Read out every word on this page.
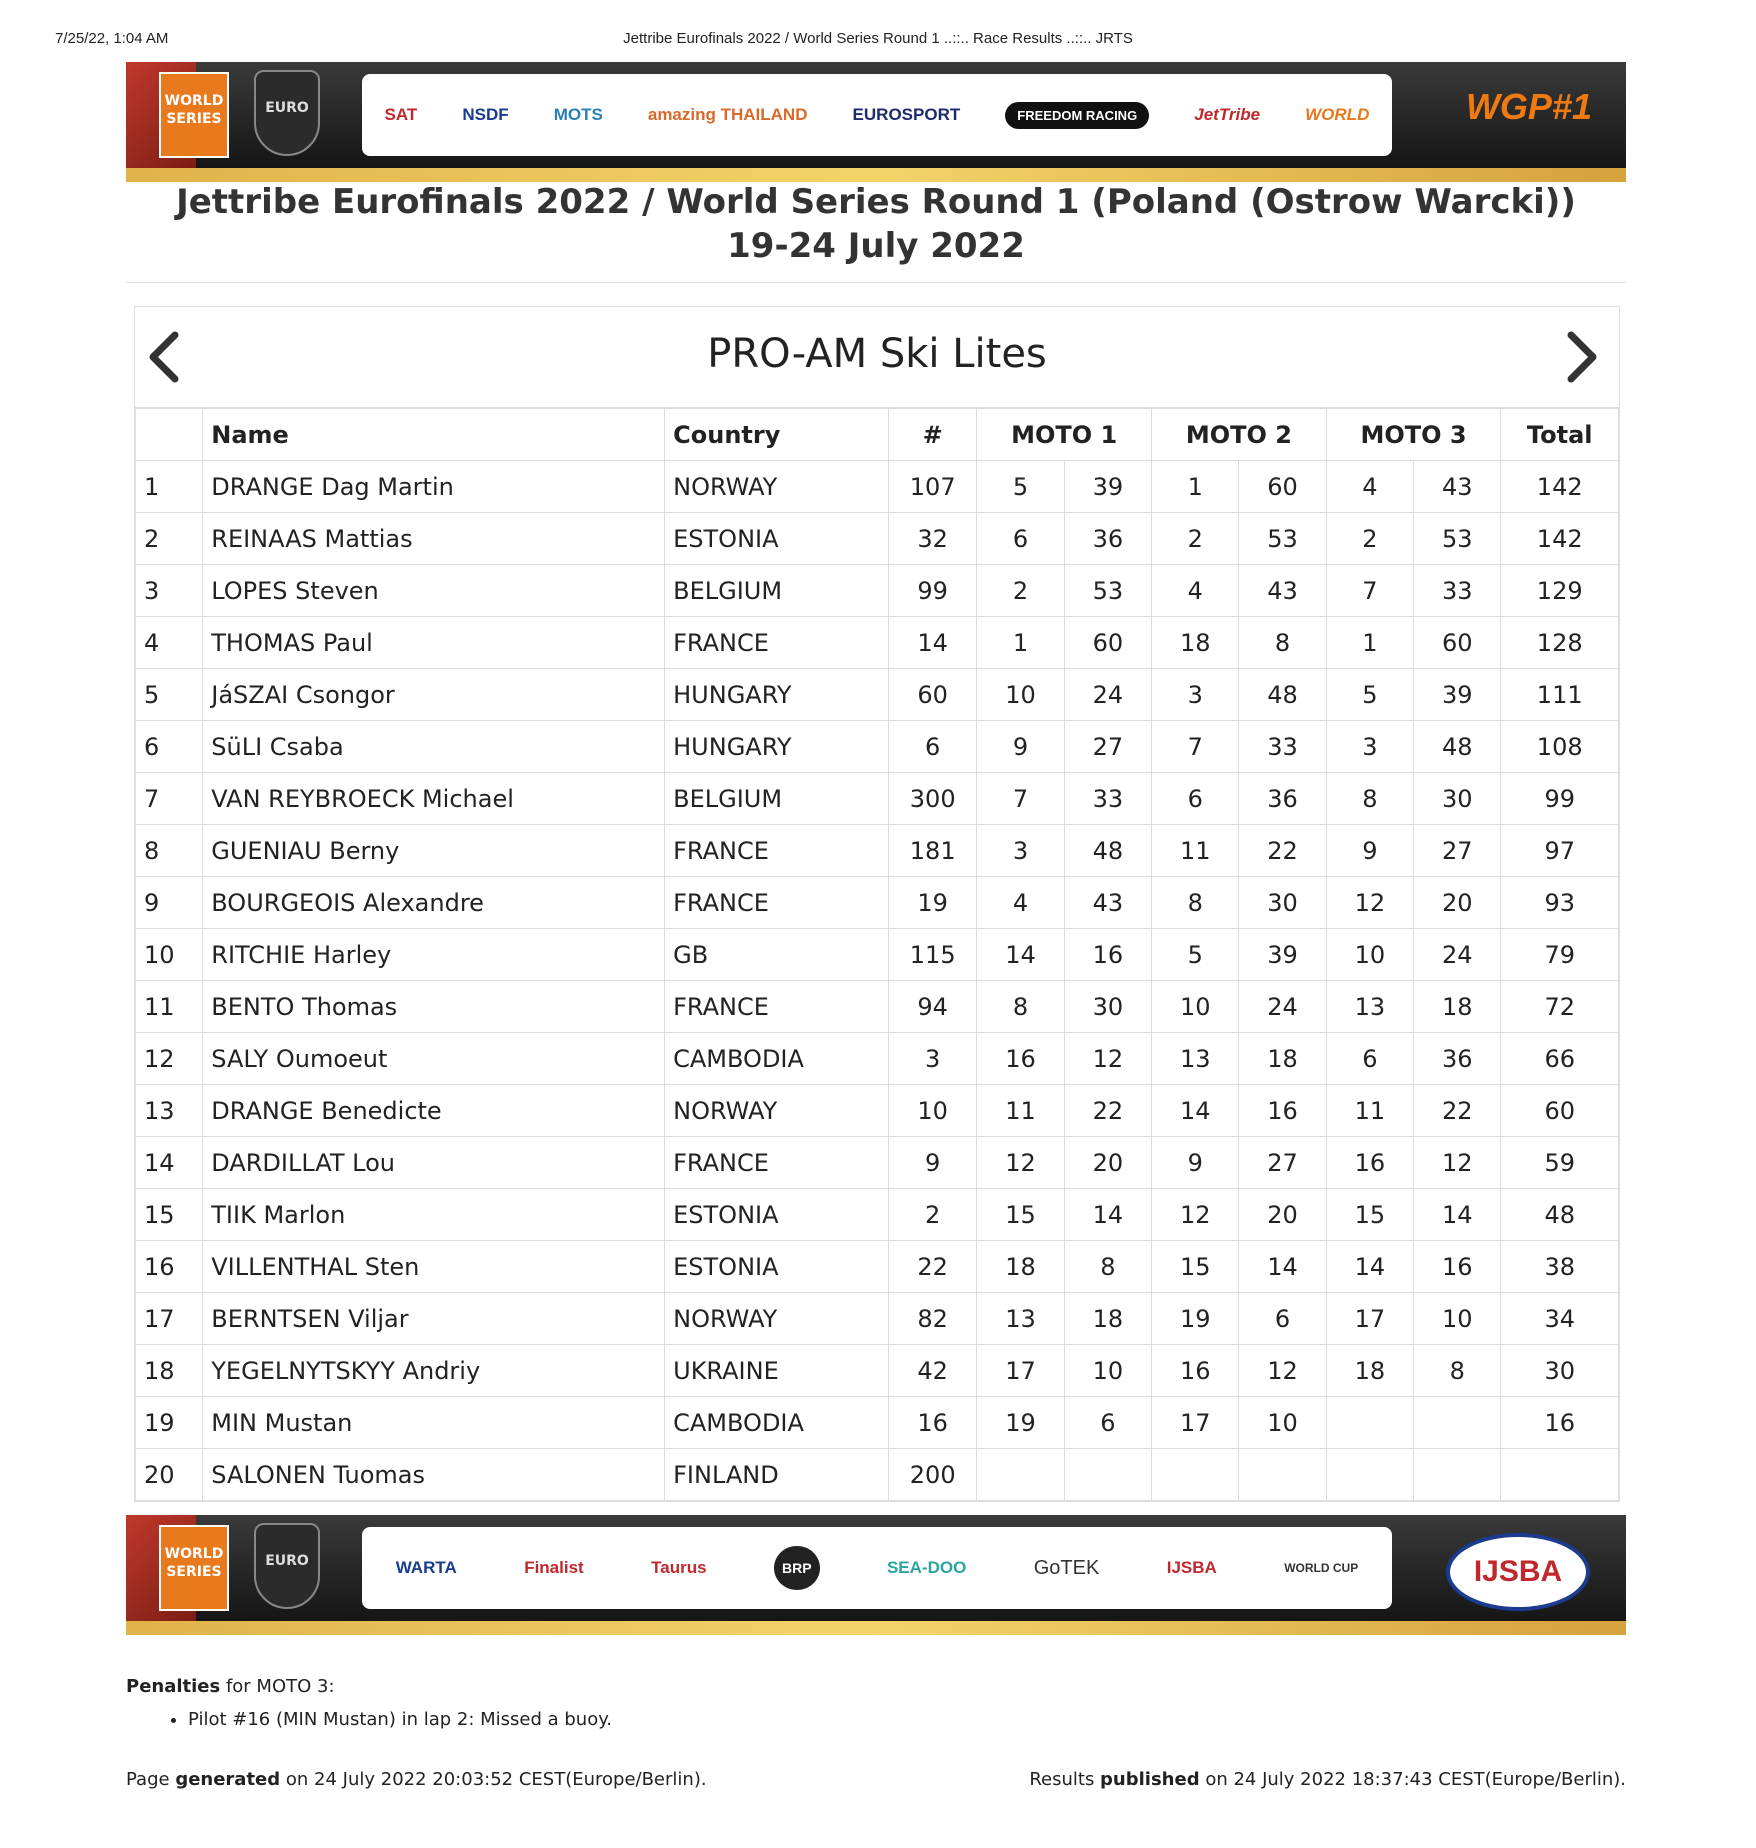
7/25/22, 1:04 AM	Jettribe Eurofinals 2022 / World Series Round 1 ..::.. Race Results ..::.. JRTS
WORLD SERIES
EURO	SAT	NSDF	MOTS	amazing THAILAND	EUROSPORT	FREEDOM RACING	JetTribe	WORLD	WGP#1
Jettribe Eurofinals 2022 / World Series Round 1 (Poland (Ostrow Warcki))
19-24 July 2022
PRO-AM Ski Lites
	Name	Country	#	MOTO 1		MOTO 2		MOTO 3		Total
1	DRANGE Dag Martin	NORWAY	107	5	39	1	60	4	43	142
2	REINAAS Mattias	ESTONIA	32	6	36	2	53	2	53	142
3	LOPES Steven	BELGIUM	99	2	53	4	43	7	33	129
4	THOMAS Paul	FRANCE	14	1	60	18	8	1	60	128
5	JáSZAI Csongor	HUNGARY	60	10	24	3	48	5	39	111
6	SüLI Csaba	HUNGARY	6	9	27	7	33	3	48	108
7	VAN REYBROECK Michael	BELGIUM	300	7	33	6	36	8	30	99
8	GUENIAU Berny	FRANCE	181	3	48	11	22	9	27	97
9	BOURGEOIS Alexandre	FRANCE	19	4	43	8	30	12	20	93
10	RITCHIE Harley	GB	115	14	16	5	39	10	24	79
11	BENTO Thomas	FRANCE	94	8	30	10	24	13	18	72
12	SALY Oumoeut	CAMBODIA	3	16	12	13	18	6	36	66
13	DRANGE Benedicte	NORWAY	10	11	22	14	16	11	22	60
14	DARDILLAT Lou	FRANCE	9	12	20	9	27	16	12	59
15	TIIK Marlon	ESTONIA	2	15	14	12	20	15	14	48
16	VILLENTHAL Sten	ESTONIA	22	18	8	15	14	14	16	38
17	BERNTSEN Viljar	NORWAY	82	13	18	19	6	17	10	34
18	YEGELNYTSKYY Andriy	UKRAINE	42	17	10	16	12	18	8	30
19	MIN Mustan	CAMBODIA	16	19	6	17	10			16
20	SALONEN Tuomas	FINLAND	200							
WORLD SERIES
EURO	WARTA	Finalist	Taurus	BRP	SEA-DOO	GoTEK	IJSBA	WORLD CUP	IJSBA
Penalties for MOTO 3:
• Pilot #16 (MIN Mustan) in lap 2: Missed a buoy.
Page generated on 24 July 2022 20:03:52 CEST(Europe/Berlin).	Results published on 24 July 2022 18:37:43 CEST(Europe/Berlin).
